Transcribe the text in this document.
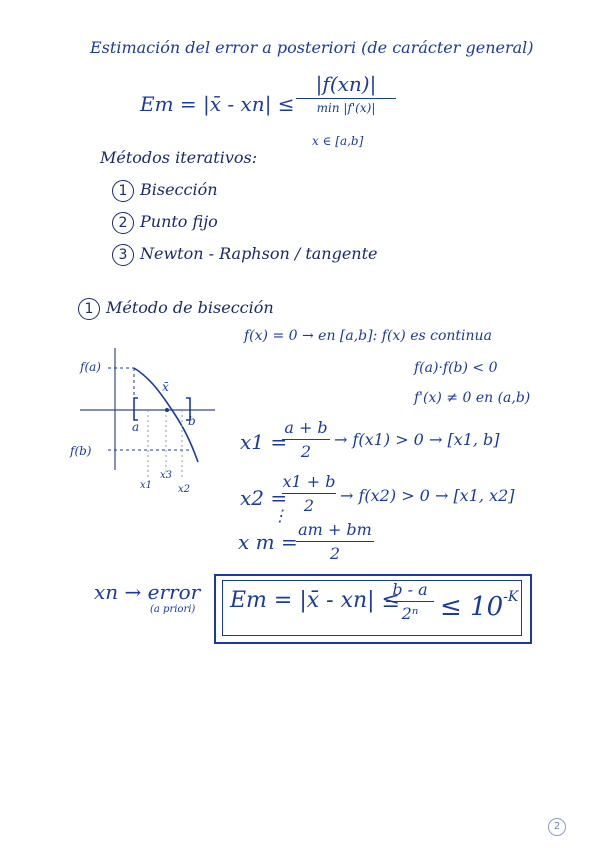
Estimación del error a posteriori (de carácter general)
Em = |x̄ - xn| ≤
|f(xn)|
min |f'(x)|
x ∈ [a,b]
Métodos iterativos:
1 Bisección
2 Punto fijo
3 Newton - Raphson / tangente
1 Método de bisección
f(x) = 0 → en [a,b]: f(x) es continua
f(a)·f(b) < 0
f'(x) ≠ 0 en (a,b)
f(a)
f(b)
a	b
x̄
x1
x3
x2
x1 =
a + b
2
→ f(x1) > 0 → [x1, b]
x2 =
x1 + b
2
→ f(x2) > 0 → [x1, x2]
⋮
x m =
am + bm
2
xn → error
(a priori) Em = |x̄ - xn| ≤
b - a
$2^n \le 10^{-K}$
2
